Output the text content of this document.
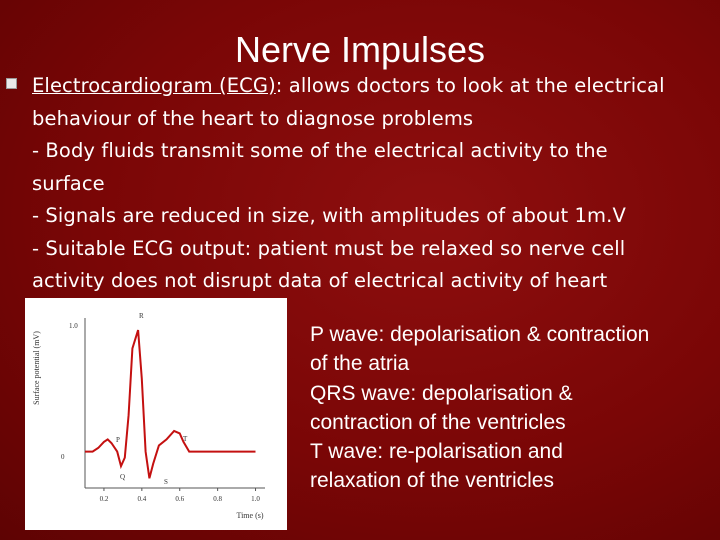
Nerve Impulses
Electrocardiogram (ECG): allows doctors to look at the electrical
behaviour of the heart to diagnose problems
- Body fluids transmit some of the electrical activity to the
surface
- Signals are reduced in size, with amplitudes of about 1m.V
- Suitable ECG output: patient must be relaxed so nerve cell
activity does not disrupt data of electrical activity of heart
Surface potential (mV)
Time (s)
1.0
0
0.2	0.4	0.6	0.8	1.0
R
P
Q
S
T
P wave: depolarisation & contraction
of the atria
QRS wave: depolarisation &
contraction of the ventricles
T wave: re-polarisation and
relaxation of the ventricles
